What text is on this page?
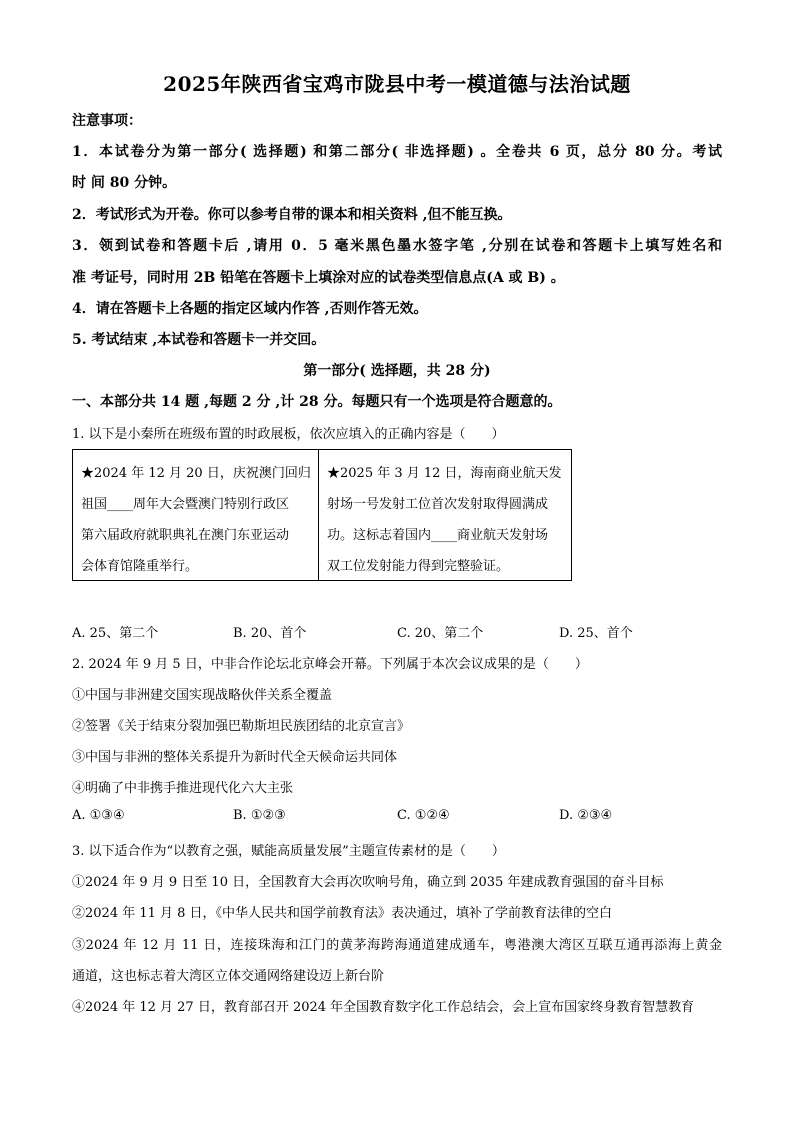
2025年陕西省宝鸡市陇县中考一模道德与法治试题
注意事项：
1．本试卷分为第一部分( 选择题) 和第二部分( 非选择题) 。全卷共 6 页，总分 80 分。考试
时 间 80 分钟。
2．考试形式为开卷。你可以参考自带的课本和相关资料 ,但不能互换。
3．领到试卷和答题卡后 ,请用 0．5 毫米黑色墨水签字笔 ,分别在试卷和答题卡上填写姓名和
准 考证号，同时用 2B 铅笔在答题卡上填涂对应的试卷类型信息点(A 或 B) 。
4．请在答题卡上各题的指定区域内作答 ,否则作答无效。
5. 考试结束 ,本试卷和答题卡一并交回。
第一部分( 选择题，共 28 分)
一、本部分共 14 题 ,每题 2 分 ,计 28 分。每题只有一个选项是符合题意的。
1. 以下是小秦所在班级布置的时政展板，依次应填入的正确内容是（　　）
★2024 年 12 月 20 日，庆祝澳门回归
祖国____周年大会暨澳门特别行政区
第六届政府就职典礼在澳门东亚运动
会体育馆隆重举行。
★2025 年 3 月 12 日，海南商业航天发
射场一号发射工位首次发射取得圆满成
功。这标志着国内____商业航天发射场
双工位发射能力得到完整验证。
A. 25、第二个	B. 20、首个	C. 20、第二个	D. 25、首个
2. 2024 年 9 月 5 日，中非合作论坛北京峰会开幕。下列属于本次会议成果的是（　　）
①中国与非洲建交国实现战略伙伴关系全覆盖
②签署《关于结束分裂加强巴勒斯坦民族团结的北京宣言》
③中国与非洲的整体关系提升为新时代全天候命运共同体
④明确了中非携手推进现代化六大主张
A. ①③④	B. ①②③	C. ①②④	D. ②③④
3. 以下适合作为“以教育之强，赋能高质量发展”主题宣传素材的是（　　）
①2024 年 9 月 9 日至 10 日，全国教育大会再次吹响号角，确立到 2035 年建成教育强国的奋斗目标
②2024 年 11 月 8 日，《中华人民共和国学前教育法》表决通过，填补了学前教育法律的空白
③2024 年 12 月 11 日，连接珠海和江门的黄茅海跨海通道建成通车，粤港澳大湾区互联互通再添海上黄金
通道，这也标志着大湾区立体交通网络建设迈上新台阶
④2024 年 12 月 27 日，教育部召开 2024 年全国教育数字化工作总结会，会上宣布国家终身教育智慧教育
